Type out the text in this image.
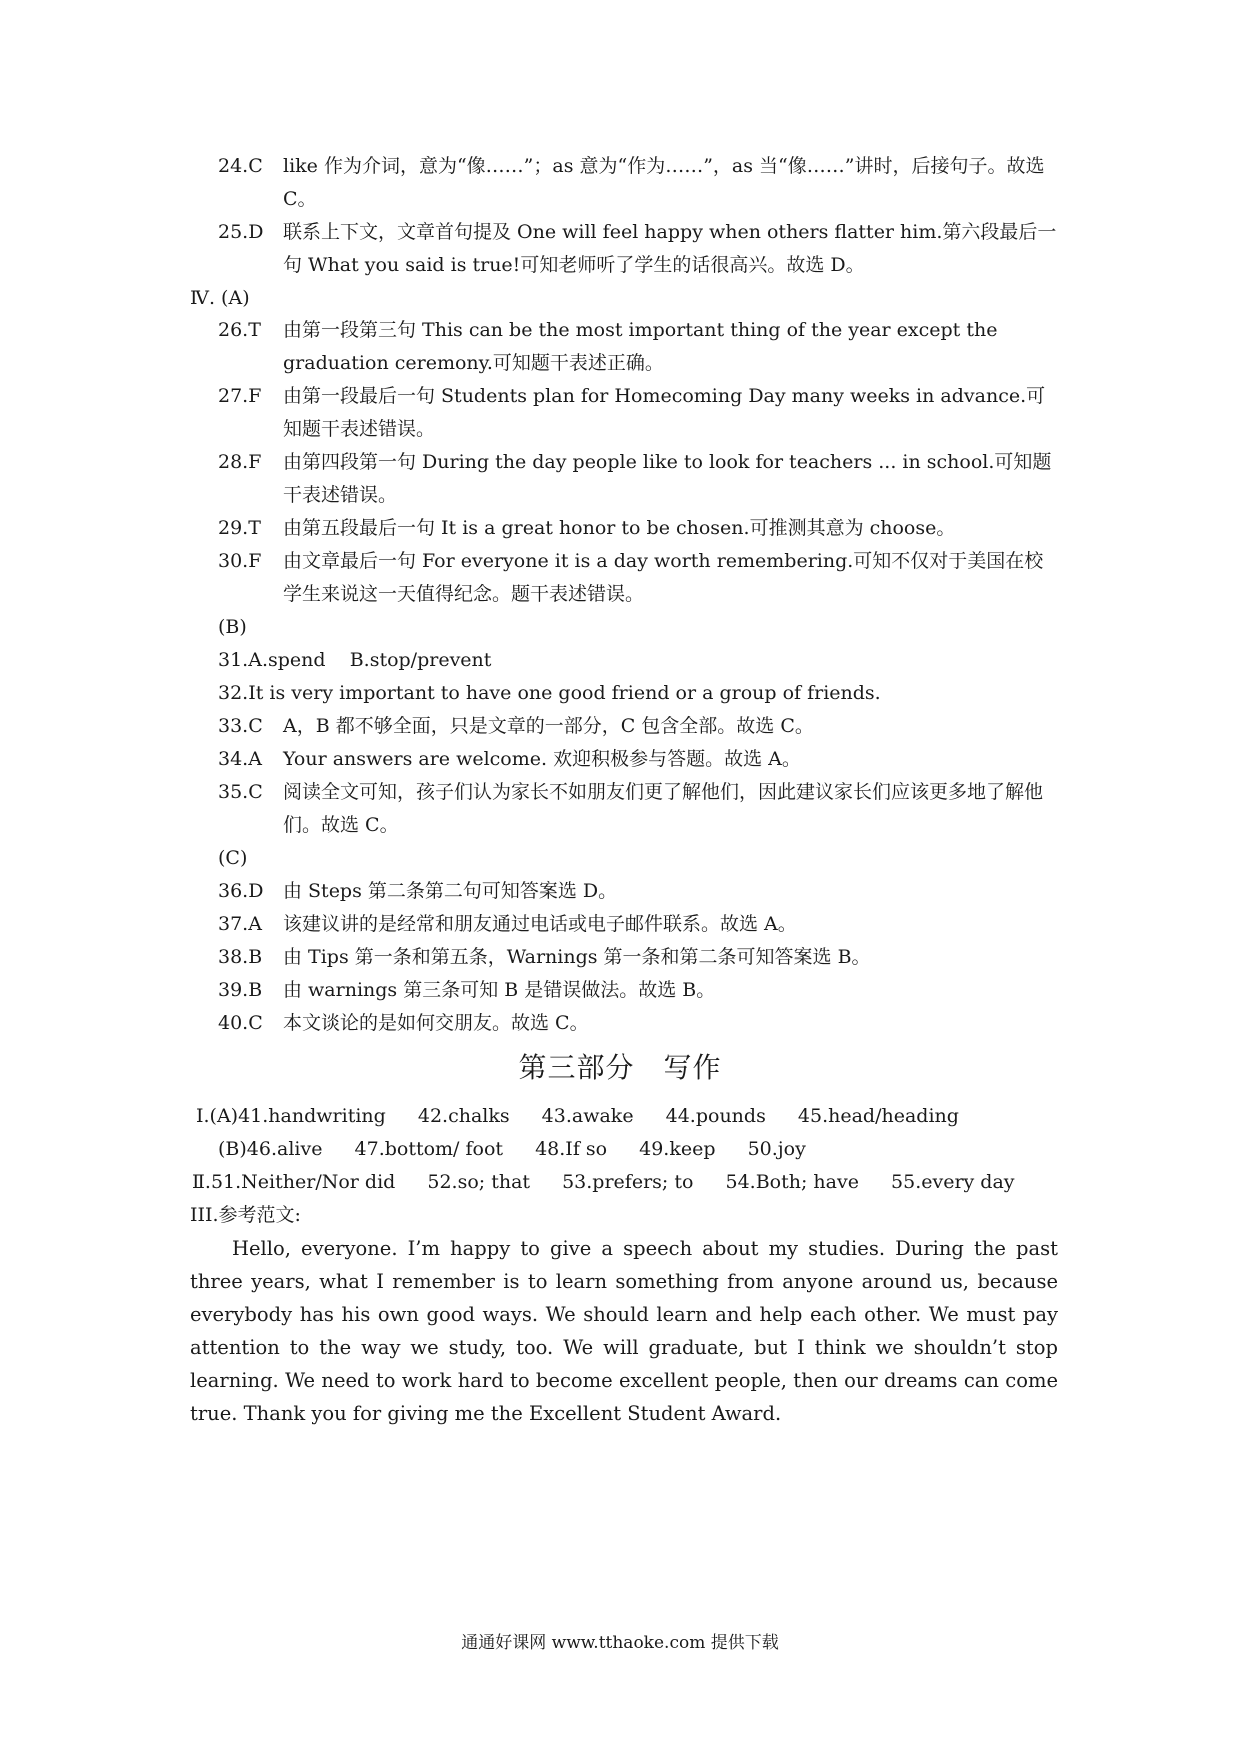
24.C like 作为介词，意为“像……”；as 意为“作为……”，as 当“像……”讲时，后接句子。故选 C。
25.D 联系上下文，文章首句提及 One will feel happy when others flatter him.第六段最后一句 What you said is true!可知老师听了学生的话很高兴。故选 D。
Ⅳ. (A)
26.T 由第一段第三句 This can be the most important thing of the year except the graduation ceremony.可知题干表述正确。
27.F 由第一段最后一句 Students plan for Homecoming Day many weeks in advance.可知题干表述错误。
28.F 由第四段第一句 During the day people like to look for teachers ... in school.可知题干表述错误。
29.T 由第五段最后一句 It is a great honor to be chosen.可推测其意为 choose。
30.F 由文章最后一句 For everyone it is a day worth remembering.可知不仅对于美国在校学生来说这一天值得纪念。题干表述错误。
(B)
31.A.spend    B.stop/prevent
32.It is very important to have one good friend or a group of friends.
33.C A，B 都不够全面，只是文章的一部分，C 包含全部。故选 C。
34.A Your answers are welcome. 欢迎积极参与答题。故选 A。
35.C 阅读全文可知，孩子们认为家长不如朋友们更了解他们，因此建议家长们应该更多地了解他们。故选 C。
(C)
36.D 由 Steps 第二条第二句可知答案选 D。
37.A 该建议讲的是经常和朋友通过电话或电子邮件联系。故选 A。
38.B 由 Tips 第一条和第五条，Warnings 第一条和第二条可知答案选 B。
39.B 由 warnings 第三条可知 B 是错误做法。故选 B。
40.C 本文谈论的是如何交朋友。故选 C。
第三部分　写作
Ⅰ.(A)41.handwriting 42.chalks 43.awake 44.pounds 45.head/heading
(B)46.alive 47.bottom/ foot 48.If so 49.keep 50.joy
Ⅱ.51.Neither/Nor did 52.so; that 53.prefers; to 54.Both; have 55.every day
III.参考范文:
Hello, everyone. I’m happy to give a speech about my studies. During the past three years, what I remember is to learn something from anyone around us, because everybody has his own good ways. We should learn and help each other. We must pay attention to the way we study, too. We will graduate, but I think we shouldn’t stop learning. We need to work hard to become excellent people, then our dreams can come true. Thank you for giving me the Excellent Student Award.
通通好课网 www.tthaoke.com 提供下载
